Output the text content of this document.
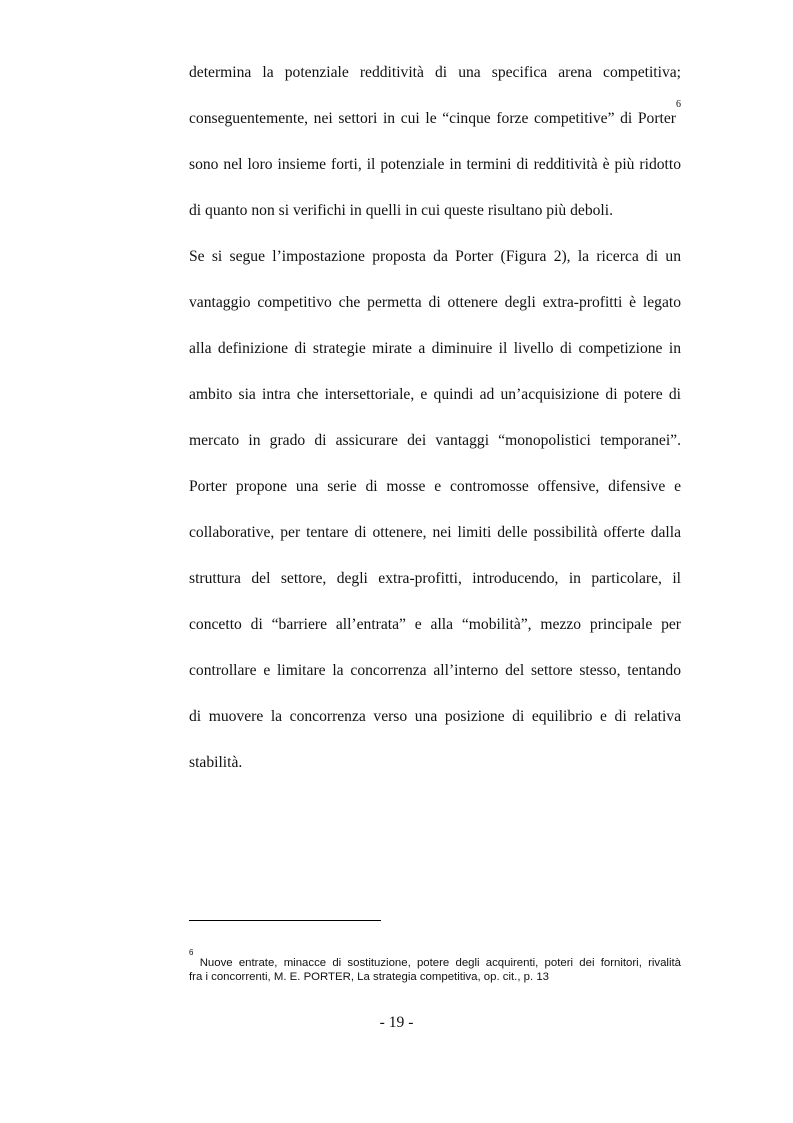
determina la potenziale redditività di una specifica arena competitiva;
conseguentemente, nei settori in cui le “cinque forze competitive” di Porter$^6$
sono nel loro insieme forti, il potenziale in termini di redditività è più ridotto
di quanto non si verifichi in quelli in cui queste risultano più deboli.
Se si segue l’impostazione proposta da Porter (Figura 2), la ricerca di un
vantaggio competitivo che permetta di ottenere degli extra-profitti è legato
alla definizione di strategie mirate a diminuire il livello di competizione in
ambito sia intra che intersettoriale, e quindi ad un’acquisizione di potere di
mercato in grado di assicurare dei vantaggi “monopolistici temporanei”.
Porter propone una serie di mosse e contromosse offensive, difensive e
collaborative, per tentare di ottenere, nei limiti delle possibilità offerte dalla
struttura del settore, degli extra-profitti, introducendo, in particolare, il
concetto di “barriere all’entrata” e alla “mobilità”, mezzo principale per
controllare e limitare la concorrenza all’interno del settore stesso, tentando
di muovere la concorrenza verso una posizione di equilibrio e di relativa
stabilità.
$^6$ Nuove entrate, minacce di sostituzione, potere degli acquirenti, poteri dei fornitori, rivalità
fra i concorrenti, M. E. PORTER, La strategia competitiva, op. cit., p. 13
- 19 -
